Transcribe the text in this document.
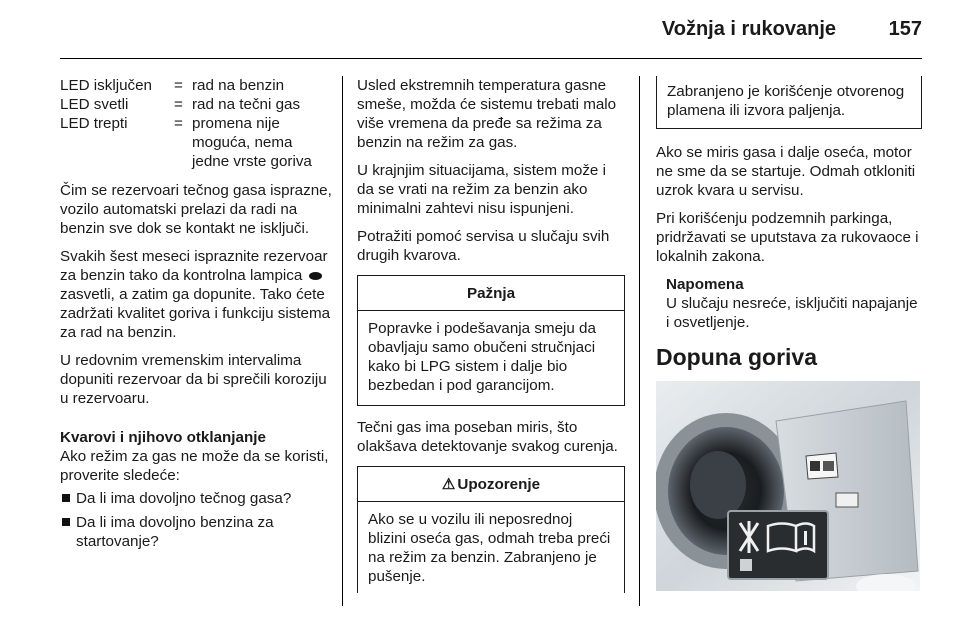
Vožnja i rukovanje	157
LED isključen	= rad na benzin
LED svetli	= rad na tečni gas
LED trepti	= promena nije moguća, nema jedne vrste goriva

Čim se rezervoari tečnog gasa isprazne, vozilo automatski prelazi da radi na benzin sve dok se kontakt ne isključi.

Svakih šest meseci ispraznite rezervoar za benzin tako da kontrolna lampica  zasvetli, a zatim ga dopunite. Tako ćete zadržati kvalitet goriva i funkciju sistema za rad na benzin.

U redovnim vremenskim intervalima dopuniti rezervoar da bi sprečili koroziju u rezervoaru.

Kvarovi i njihovo otklanjanje
Ako režim za gas ne može da se koristi, proverite sledeće:
Da li ima dovoljno tečnog gasa?
Da li ima dovoljno benzina za startovanje?

Usled ekstremnih temperatura gasne smeše, možda će sistemu trebati malo više vremena da pređe sa režima za benzin na režim za gas.

U krajnjim situacijama, sistem može i da se vrati na režim za benzin ako minimalni zahtevi nisu ispunjeni.

Potražiti pomoć servisa u slučaju svih drugih kvarova.

Pažnja
Popravke i podešavanja smeju da obavljaju samo obučeni stručnjaci kako bi LPG sistem i dalje bio bezbedan i pod garancijom.

Tečni gas ima poseban miris, što olakšava detektovanje svakog curenja.

⚠ Upozorenje
Ako se u vozilu ili neposrednoj blizini oseća gas, odmah treba preći na režim za benzin. Zabranjeno je pušenje.
Zabranjeno je korišćenje otvorenog plamena ili izvora paljenja.

Ako se miris gasa i dalje oseća, motor ne sme da se startuje. Odmah otkloniti uzrok kvara u servisu.

Pri korišćenju podzemnih parkinga, pridržavati se uputstava za rukovaoce i lokalnih zakona.

Napomena
U slučaju nesreće, isključiti napajanje i osvetljenje.
Dopuna goriva
